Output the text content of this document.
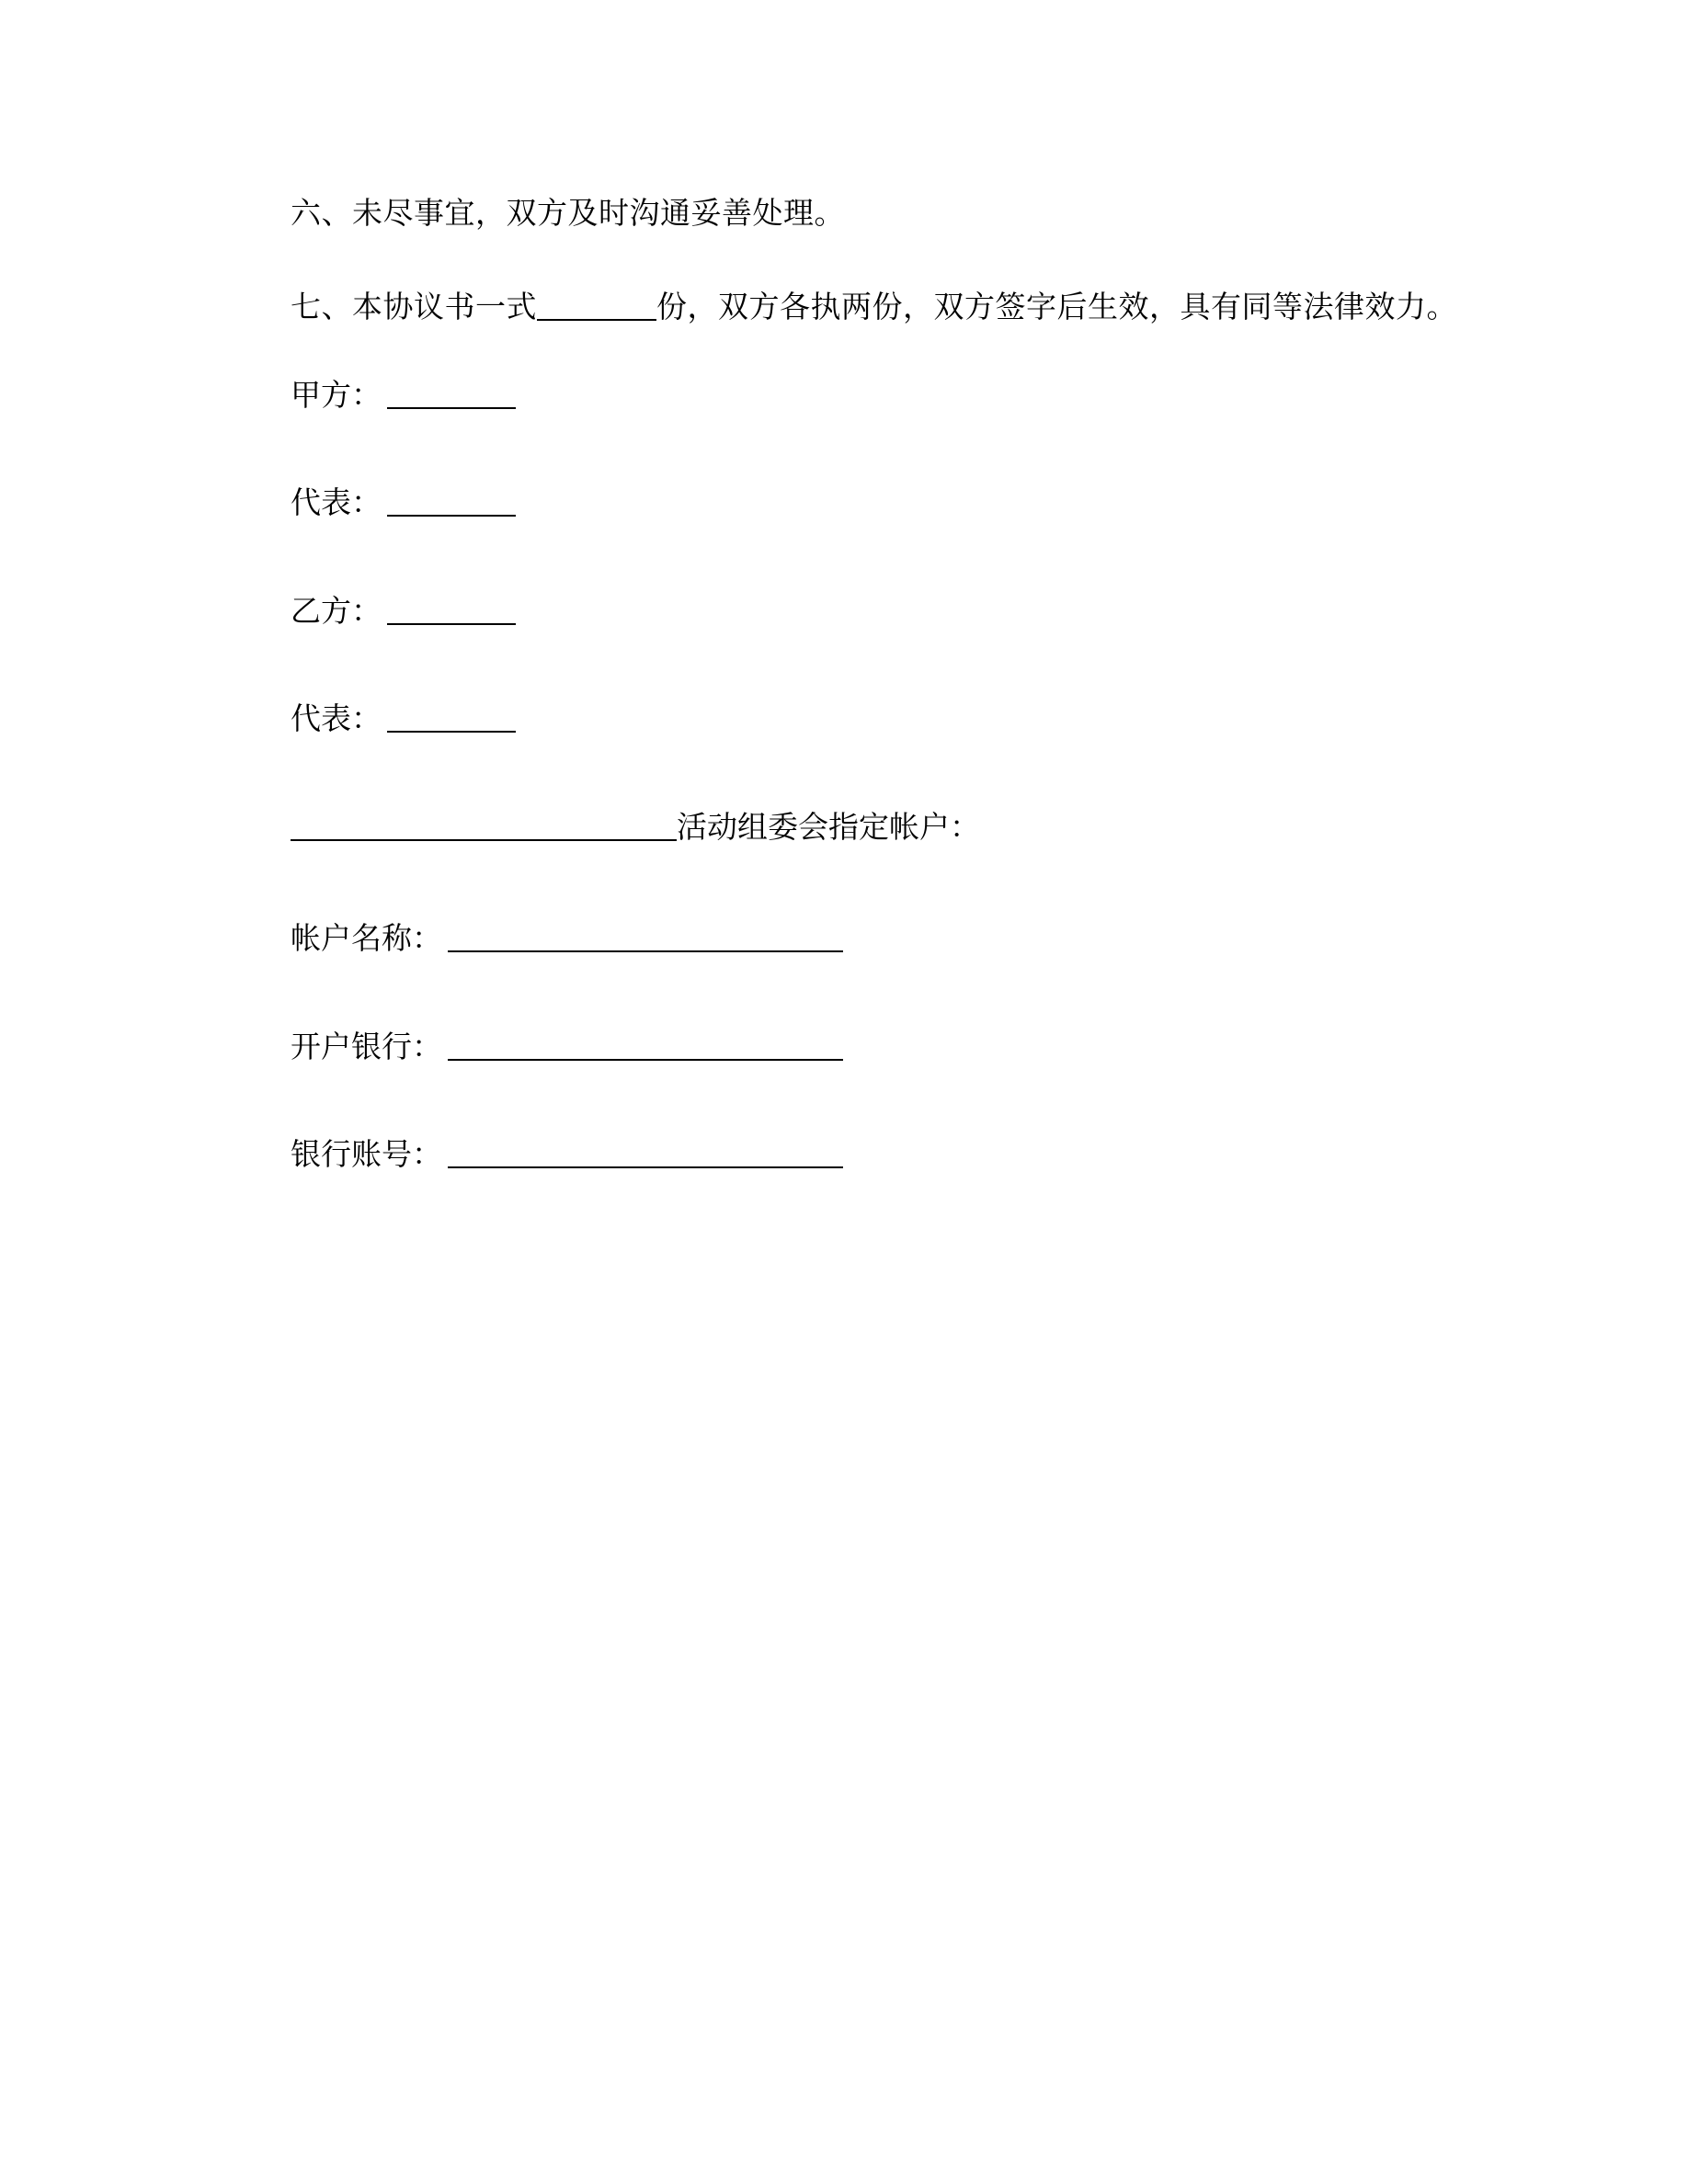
六、未尽事宜，双方及时沟通妥善处理。

七、本协议书一式	份，双方各执两份，双方签字后生效，具有同等法律效力。

甲方：

代表：

乙方：

代表：

活动组委会指定帐户：

帐户名称：

开户银行：

银行账号：
